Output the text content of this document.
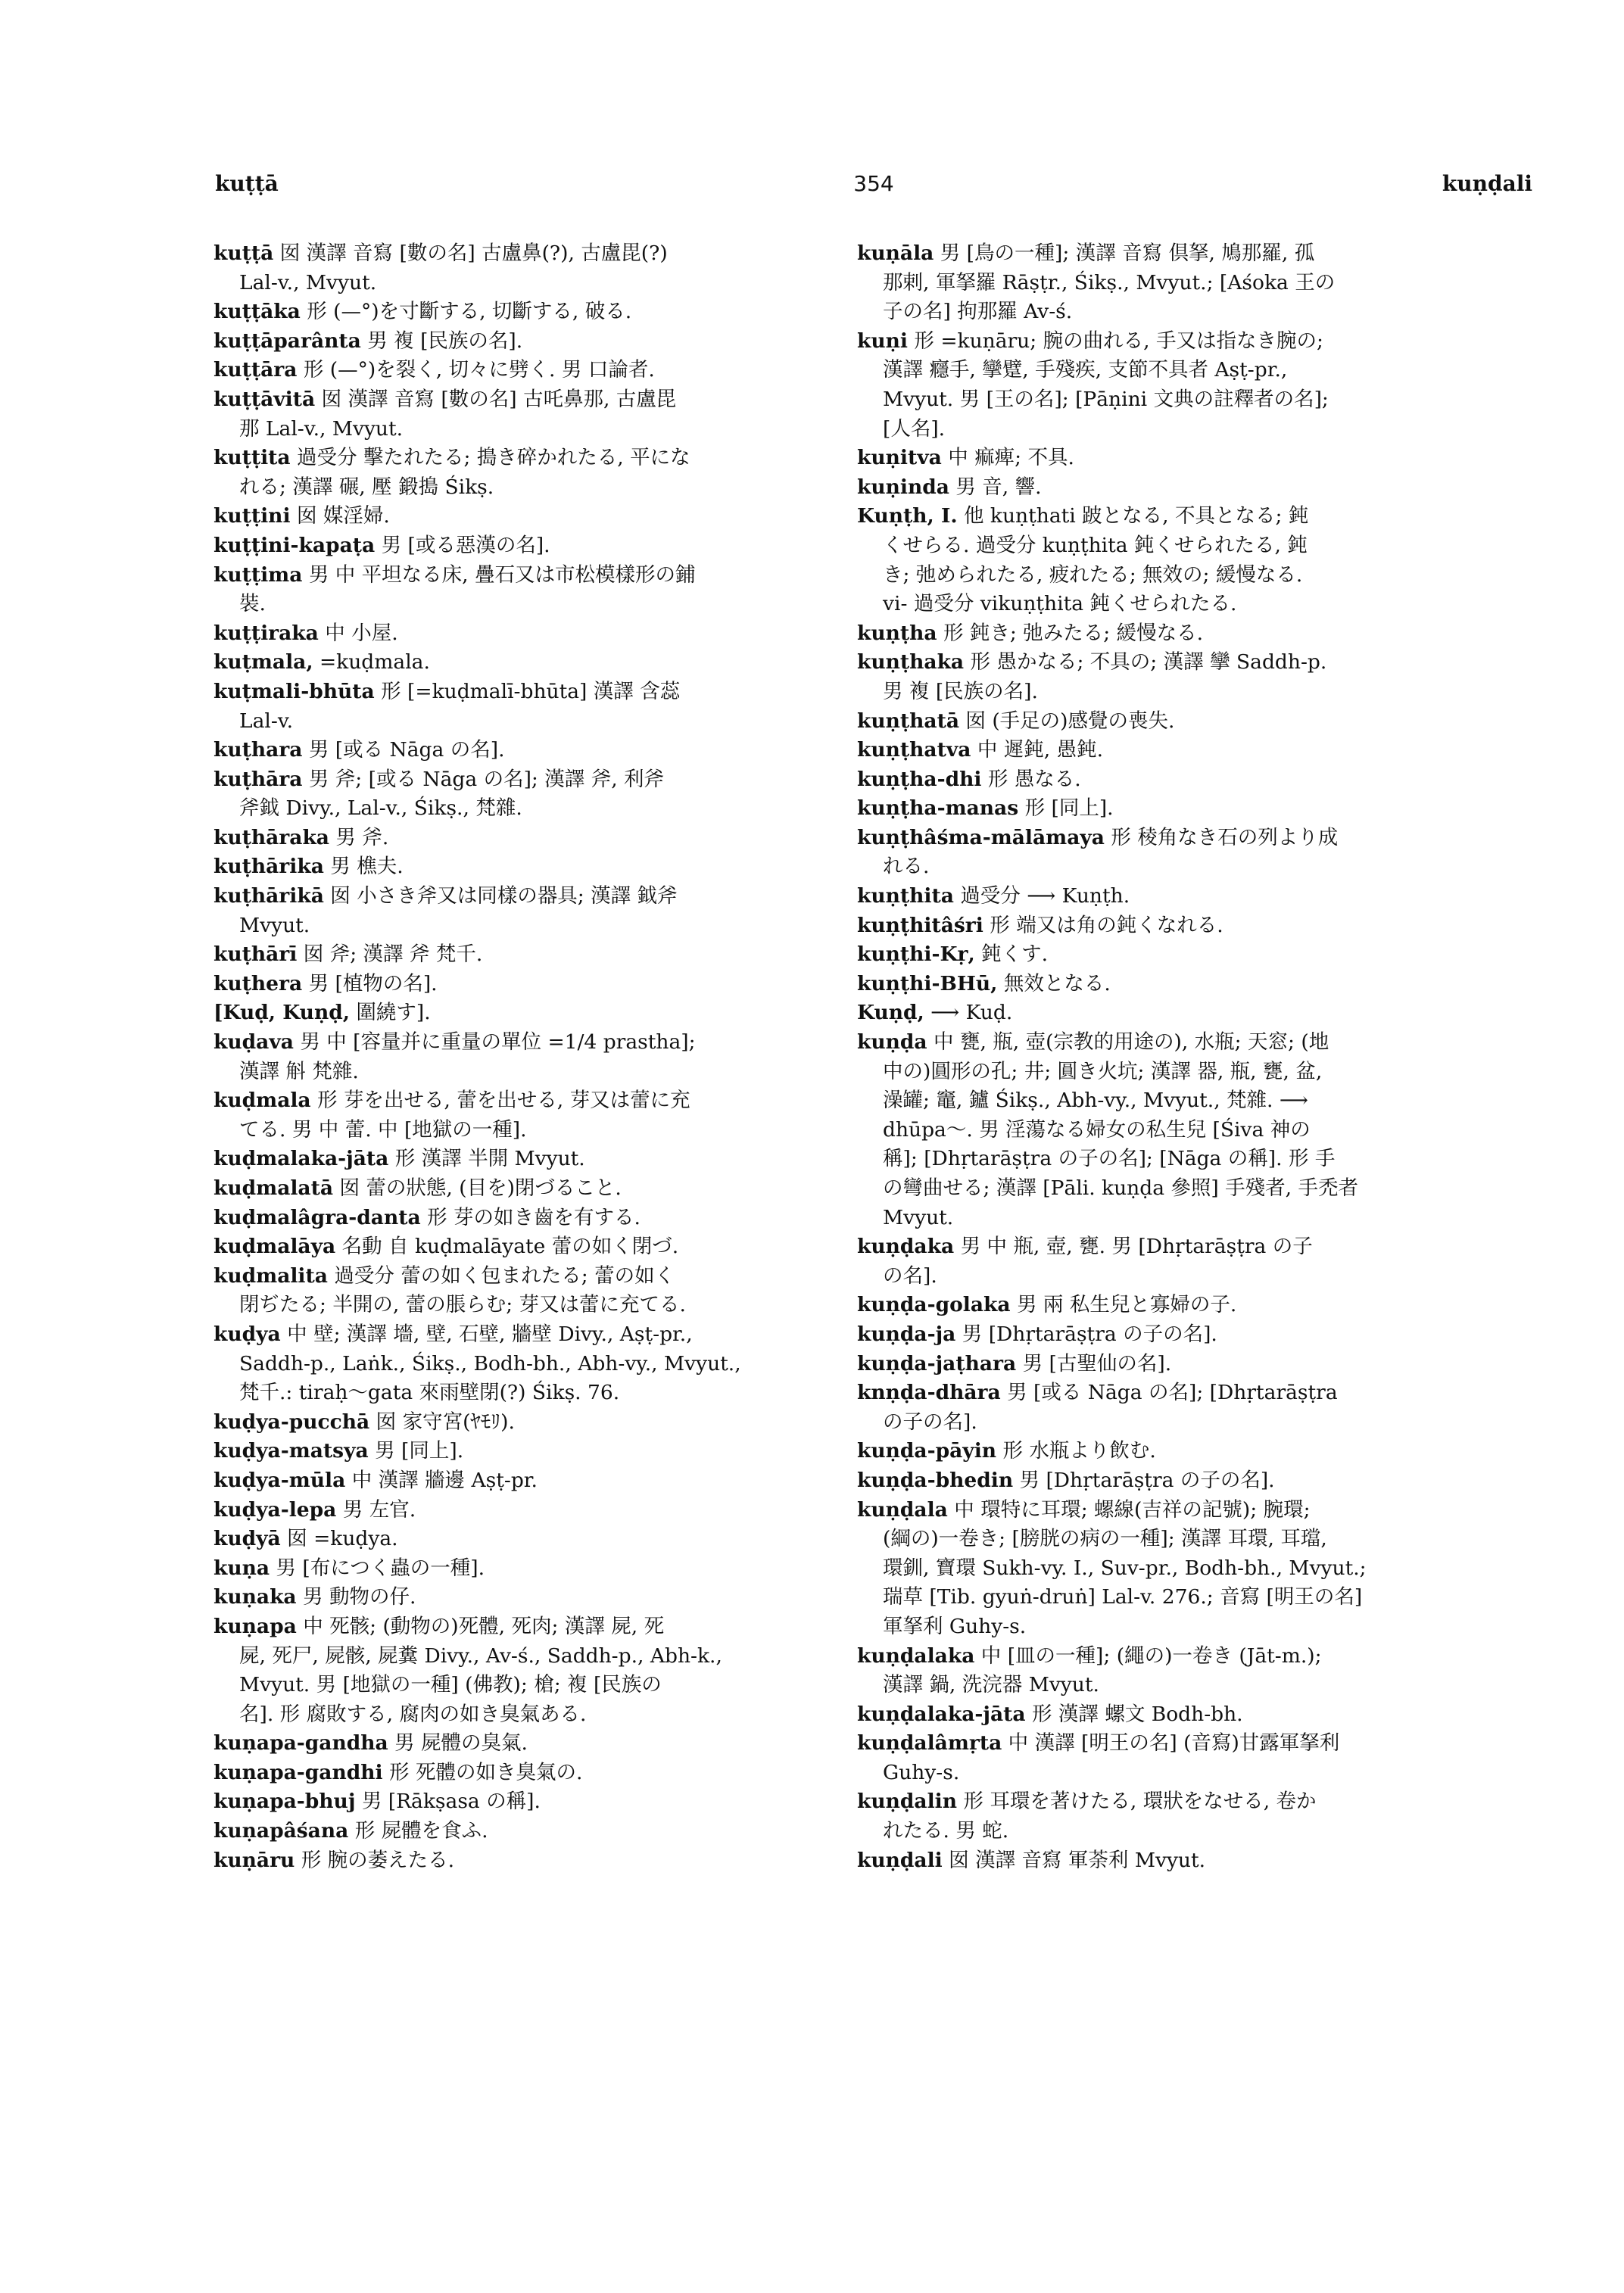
kuṭṭā	354	kuṇḍali
kuṭṭā 囡 漢譯 音寫 [數の名] 古盧鼻(?), 古盧毘(?)
Lal-v., Mvyut.
kuṭṭāka 形 (—°)を寸斷する, 切斷する, 破る.
kuṭṭāparânta 男 複 [民族の名].
kuṭṭāra 形 (—°)を裂く, 切々に劈く. 男 口論者.
kuṭṭāvitā 囡 漢譯 音寫 [數の名] 古吒鼻那, 古盧毘
那 Lal-v., Mvyut.
kuṭṭita 過受分 擊たれたる; 搗き碎かれたる, 平にな
れる; 漢譯 碾, 壓 鍛搗 Śikṣ.
kuṭṭini 囡 媒淫婦.
kuṭṭini-kapaṭa 男 [或る惡漢の名].
kuṭṭima 男 中 平坦なる床, 疊石又は市松模樣形の鋪
裝.
kuṭṭiraka 中 小屋.
kuṭmala, =kuḍmala.
kuṭmali-bhūta 形 [=kuḍmalī-bhūta] 漢譯 含蕊
Lal-v.
kuṭhara 男 [或る Nāga の名].
kuṭhāra 男 斧; [或る Nāga の名]; 漢譯 斧, 利斧
斧鉞 Divy., Lal-v., Śikṣ., 梵雜.
kuṭhāraka 男 斧.
kuṭhārika 男 樵夫.
kuṭhārikā 囡 小さき斧又は同樣の器具; 漢譯 鉞斧
Mvyut.
kuṭhārī 囡 斧; 漢譯 斧 梵千.
kuṭhera 男 [植物の名].
[Kuḍ, Kuṇḍ, 圍繞す].
kuḍava 男 中 [容量并に重量の單位 =1/4 prastha];
漢譯 斛 梵雜.
kuḍmala 形 芽を出せる, 蕾を出せる, 芽又は蕾に充
てる. 男 中 蕾. 中 [地獄の一種].
kuḍmalaka-jāta 形 漢譯 半開 Mvyut.
kuḍmalatā 囡 蕾の狀態, (目を)閉づること.
kuḍmalâgra-danta 形 芽の如き齒を有する.
kuḍmalāya 名動 自 kuḍmalāyate 蕾の如く閉づ.
kuḍmalita 過受分 蕾の如く包まれたる; 蕾の如く
閉ぢたる; 半開の, 蕾の脹らむ; 芽又は蕾に充てる.
kuḍya 中 壁; 漢譯 墻, 壁, 石壁, 牆壁 Divy., Aṣṭ-pr.,
Saddh-p., Laṅk., Śikṣ., Bodh-bh., Abh-vy., Mvyut.,
梵千.: tiraḥ〜gata 來雨壁閉(?) Śikṣ. 76.
kuḍya-pucchā 囡 家守宮(ﾔﾓﾘ).
kuḍya-matsya 男 [同上].
kuḍya-mūla 中 漢譯 牆邊 Aṣṭ-pr.
kuḍya-lepa 男 左官.
kuḍyā 囡 =kuḍya.
kuṇa 男 [布につく蟲の一種].
kuṇaka 男 動物の仔.
kuṇapa 中 死骸; (動物の)死體, 死肉; 漢譯 屍, 死
屍, 死尸, 屍骸, 屍糞 Divy., Av-ś., Saddh-p., Abh-k.,
Mvyut. 男 [地獄の一種] (佛教); 槍; 複 [民族の
名]. 形 腐敗する, 腐肉の如き臭氣ある.
kuṇapa-gandha 男 屍體の臭氣.
kuṇapa-gandhi 形 死體の如き臭氣の.
kuṇapa-bhuj 男 [Rākṣasa の稱].
kuṇapâśana 形 屍體を食ふ.
kuṇāru 形 腕の萎えたる.
kuṇāla 男 [鳥の一種]; 漢譯 音寫 倶拏, 鳩那羅, 孤
那剌, 軍拏羅 Rāṣṭr., Śikṣ., Mvyut.; [Aśoka 王の
子の名] 拘那羅 Av-ś.
kuṇi 形 =kuṇāru; 腕の曲れる, 手又は指なき腕の;
漢譯 癮手, 攣躄, 手殘疾, 支節不具者 Aṣṭ-pr.,
Mvyut. 男 [王の名]; [Pāṇini 文典の註釋者の名];
[人名].
kuṇitva 中 痲痺; 不具.
kuṇinda 男 音, 響.
Kuṇṭh, I. 他 kuṇṭhati 跛となる, 不具となる; 鈍
くせらる. 過受分 kuṇṭhita 鈍くせられたる, 鈍
き; 弛められたる, 疲れたる; 無效の; 緩慢なる.
vi- 過受分 vikuṇṭhita 鈍くせられたる.
kuṇṭha 形 鈍き; 弛みたる; 緩慢なる.
kuṇṭhaka 形 愚かなる; 不具の; 漢譯 攣 Saddh-p.
男 複 [民族の名].
kuṇṭhatā 囡 (手足の)感覺の喪失.
kuṇṭhatva 中 遲鈍, 愚鈍.
kuṇṭha-dhi 形 愚なる.
kuṇṭha-manas 形 [同上].
kuṇṭhâśma-mālāmaya 形 稜角なき石の列より成
れる.
kuṇṭhita 過受分 ⟶ Kuṇṭh.
kuṇṭhitâśri 形 端又は角の鈍くなれる.
kuṇṭhi-Kṛ, 鈍くす.
kuṇṭhi-BHū, 無效となる.
Kuṇḍ, ⟶ Kuḍ.
kuṇḍa 中 甕, 瓶, 壺(宗教的用途の), 水瓶; 天窓; (地
中の)圓形の孔; 井; 圓き火坑; 漢譯 器, 瓶, 甕, 盆,
澡罐; 竈, 鑪 Śikṣ., Abh-vy., Mvyut., 梵雜. ⟶
dhūpa〜. 男 淫蕩なる婦女の私生兒 [Śiva 神の
稱]; [Dhṛtarāṣṭra の子の名]; [Nāga の稱]. 形 手
の彎曲せる; 漢譯 [Pāli. kuṇḍa 參照] 手殘者, 手禿者
Mvyut.
kuṇḍaka 男 中 瓶, 壺, 甕. 男 [Dhṛtarāṣṭra の子
の名].
kuṇḍa-golaka 男 兩 私生兒と寡婦の子.
kuṇḍa-ja 男 [Dhṛtarāṣṭra の子の名].
kuṇḍa-jaṭhara 男 [古聖仙の名].
knṇḍa-dhāra 男 [或る Nāga の名]; [Dhṛtarāṣṭra
の子の名].
kuṇḍa-pāyin 形 水瓶より飲む.
kuṇḍa-bhedin 男 [Dhṛtarāṣṭra の子の名].
kuṇḍala 中 環特に耳環; 螺線(吉祥の記號); 腕環;
(綱の)一卷き; [膀胱の病の一種]; 漢譯 耳環, 耳璫,
環釧, 寶環 Sukh-vy. I., Suv-pr., Bodh-bh., Mvyut.;
瑞草 [Tib. gyuṅ-druṅ] Lal-v. 276.; 音寫 [明王の名]
軍拏利 Guhy-s.
kuṇḍalaka 中 [皿の一種]; (繩の)一卷き (Jāt-m.);
漢譯 鍋, 洗浣器 Mvyut.
kuṇḍalaka-jāta 形 漢譯 螺文 Bodh-bh.
kuṇḍalâmṛta 中 漢譯 [明王の名] (音寫)甘露軍拏利
Guhy-s.
kuṇḍalin 形 耳環を著けたる, 環狀をなせる, 卷か
れたる. 男 蛇.
kuṇḍali 囡 漢譯 音寫 軍荼利 Mvyut.
